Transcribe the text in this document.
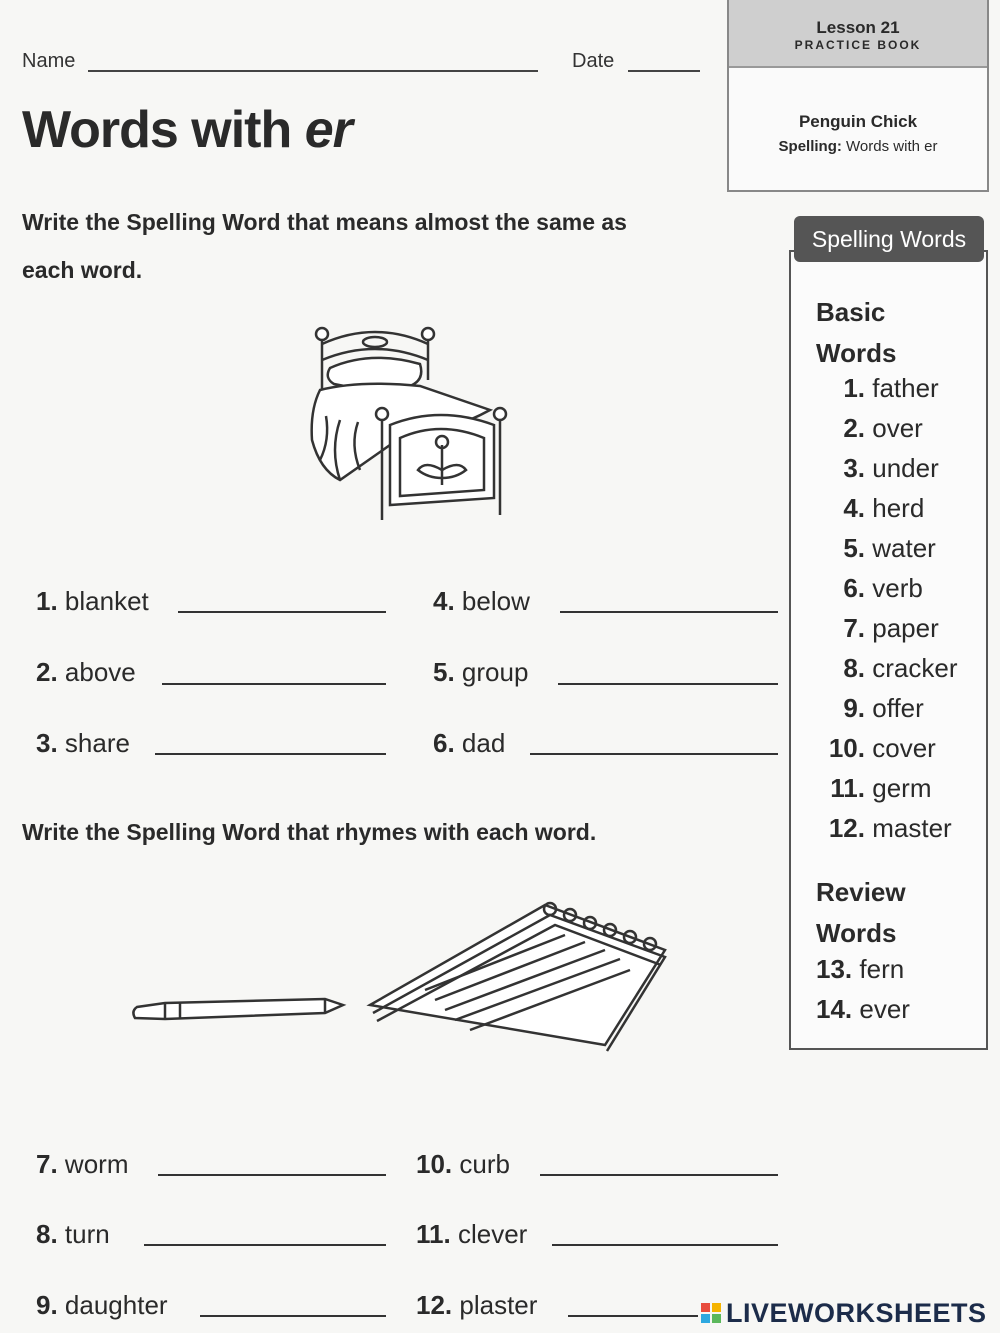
Name	Date
Lesson 21
PRACTICE BOOK
Penguin Chick
Spelling: Words with er
Words with er
Write the Spelling Word that means almost the same as
each word.
1. blanket
2. above
3. share
4. below
5. group
6. dad
Write the Spelling Word that rhymes with each word.
7. worm
8. turn
9. daughter
10. curb
11. clever
12. plaster
Spelling Words
Basic
Words
1. father
2. over
3. under
4. herd
5. water
6. verb
7. paper
8. cracker
9. offer
10. cover
11. germ
12. master
Review
Words
13. fern
14. ever

LIVEWORKSHEETS
